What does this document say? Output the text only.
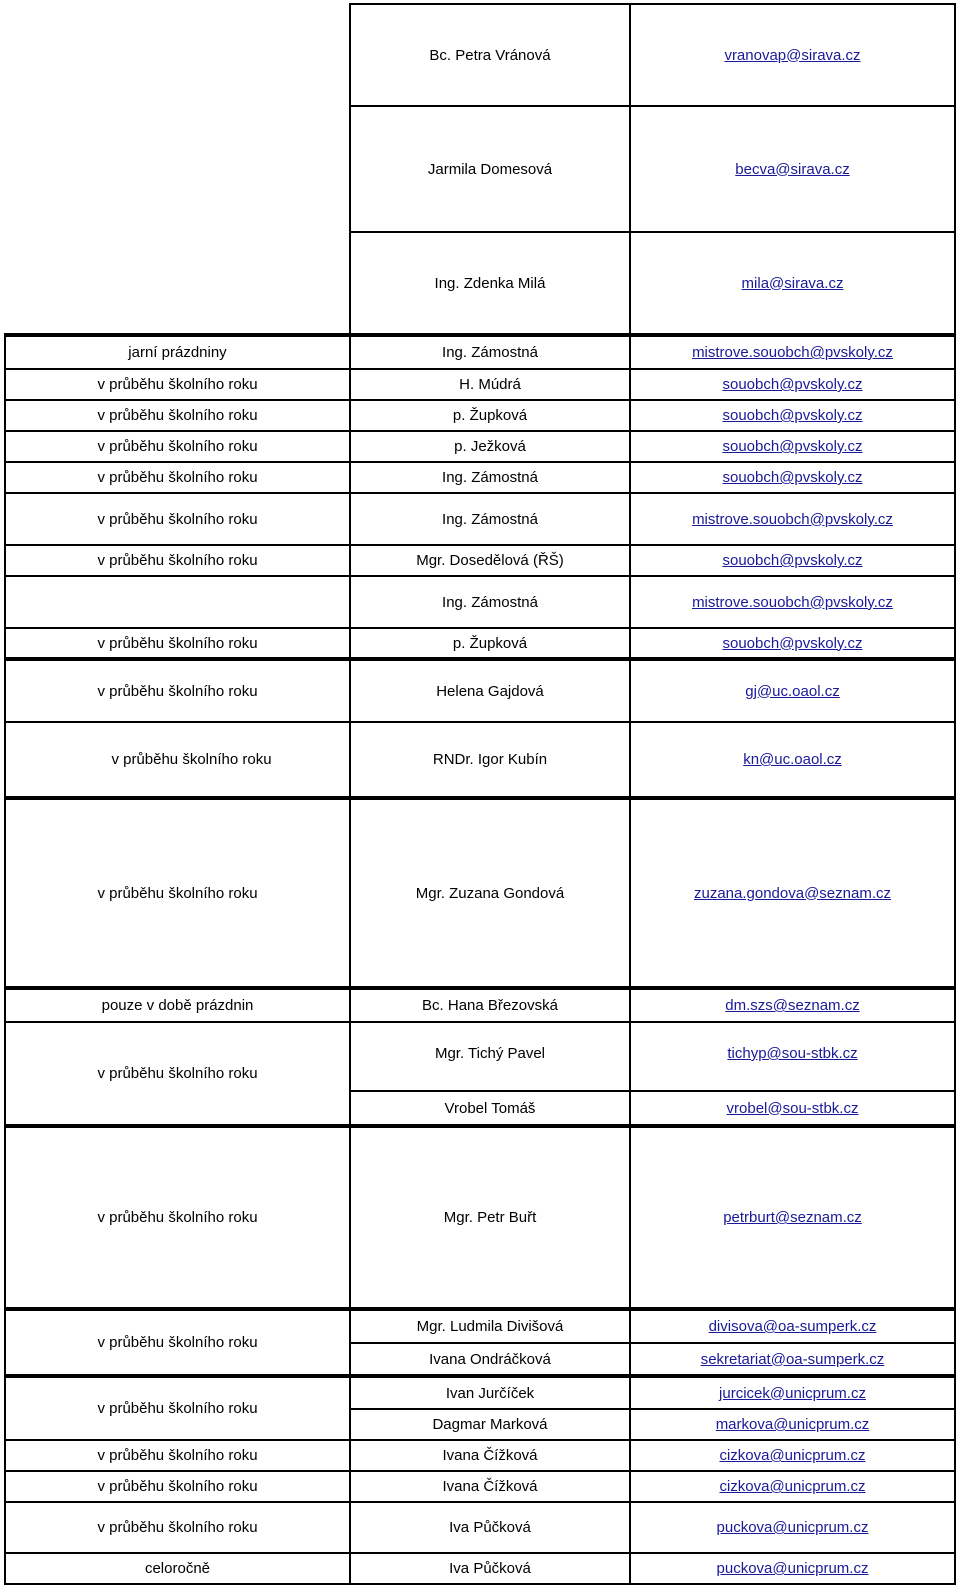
	Bc. Petra Vránová	vranovap@sirava.cz
	Jarmila Domesová	becva@sirava.cz
	Ing. Zdenka Milá	mila@sirava.cz
jarní prázdniny	Ing. Zámostná	mistrove.souobch@pvskoly.cz
v průběhu školního roku	H. Múdrá	souobch@pvskoly.cz
v průběhu školního roku	p. Župková	souobch@pvskoly.cz
v průběhu školního roku	p. Ježková	souobch@pvskoly.cz
v průběhu školního roku	Ing. Zámostná	souobch@pvskoly.cz
v průběhu školního roku	Ing. Zámostná	mistrove.souobch@pvskoly.cz
v průběhu školního roku	Mgr. Dosedělová (ŘŠ)	souobch@pvskoly.cz
	Ing. Zámostná	mistrove.souobch@pvskoly.cz
v průběhu školního roku	p. Župková	souobch@pvskoly.cz
v průběhu školního roku	Helena Gajdová	gj@uc.oaol.cz
v průběhu školního roku	RNDr. Igor Kubín	kn@uc.oaol.cz
v průběhu školního roku	Mgr. Zuzana Gondová	zuzana.gondova@seznam.cz
pouze v době prázdnin	Bc. Hana Březovská	dm.szs@seznam.cz
v průběhu školního roku	Mgr. Tichý Pavel	tichyp@sou-stbk.cz
	Vrobel Tomáš	vrobel@sou-stbk.cz
v průběhu školního roku	Mgr. Petr Buřt	petrburt@seznam.cz
v průběhu školního roku	Mgr. Ludmila Divišová	divisova@oa-sumperk.cz
	Ivana Ondráčková	sekretariat@oa-sumperk.cz
v průběhu školního roku	Ivan Jurčíček	jurcicek@unicprum.cz
	Dagmar Marková	markova@unicprum.cz
v průběhu školního roku	Ivana Čížková	cizkova@unicprum.cz
v průběhu školního roku	Ivana Čížková	cizkova@unicprum.cz
v průběhu školního roku	Iva Půčková	puckova@unicprum.cz
celoročně	Iva Půčková	puckova@unicprum.cz
